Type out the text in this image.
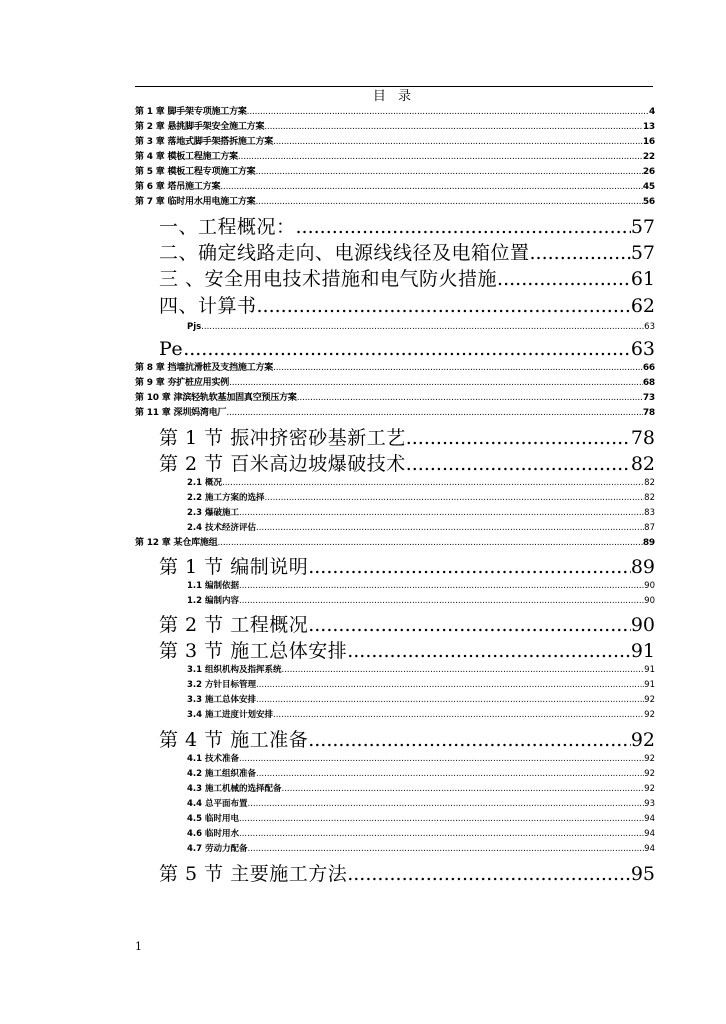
目 录
第 1 章 脚手架专项施工方案 .....	4
第 2 章 悬挑脚手架安全施工方案 .....	13
第 3 章 落地式脚手架搭拆施工方案 .....	16
第 4 章 模板工程施工方案 .....	22
第 5 章 模板工程专项施工方案 .....	26
第 6 章 塔吊施工方案 .....	45
第 7 章 临时用水用电施工方案 .....	56
一、工程概况： .....	57
二、确定线路走向、电源线线径及电箱位置 .....	57
三 、安全用电技术措施和电气防火措施 .....	61
四、计算书 .....	62
Pjs .....	63
Pe .....	63
第 8 章 挡墙抗滑桩及支挡施工方案 .....	66
第 9 章 夯扩桩应用实例 .....	68
第 10 章 津滨轻轨软基加固真空预压方案 .....	73
第 11 章 深圳妈湾电厂 .....	78
第 1 节 振冲挤密砂基新工艺 .....	78
第 2 节 百米高边坡爆破技术 .....	82
2.1 概况 .....	82
2.2 施工方案的选择 .....	82
2.3 爆破施工 .....	83
2.4 技术经济评估 .....	87
第 12 章 某仓库施组 .....	89
第 1 节 编制说明 .....	89
1.1 编制依据 .....	90
1.2 编制内容 .....	90
第 2 节 工程概况 .....	90
第 3 节 施工总体安排 .....	91
3.1 组织机构及指挥系统 .....	91
3.2 方针目标管理 .....	91
3.3 施工总体安排 .....	92
3.4 施工进度计划安排 .....	92
第 4 节 施工准备 .....	92
4.1 技术准备 .....	92
4.2 施工组织准备 .....	92
4.3 施工机械的选择配备 .....	92
4.4 总平面布置 .....	93
4.5 临时用电 .....	94
4.6 临时用水 .....	94
4.7 劳动力配备 .....	94
第 5 节 主要施工方法 .....	95
1
